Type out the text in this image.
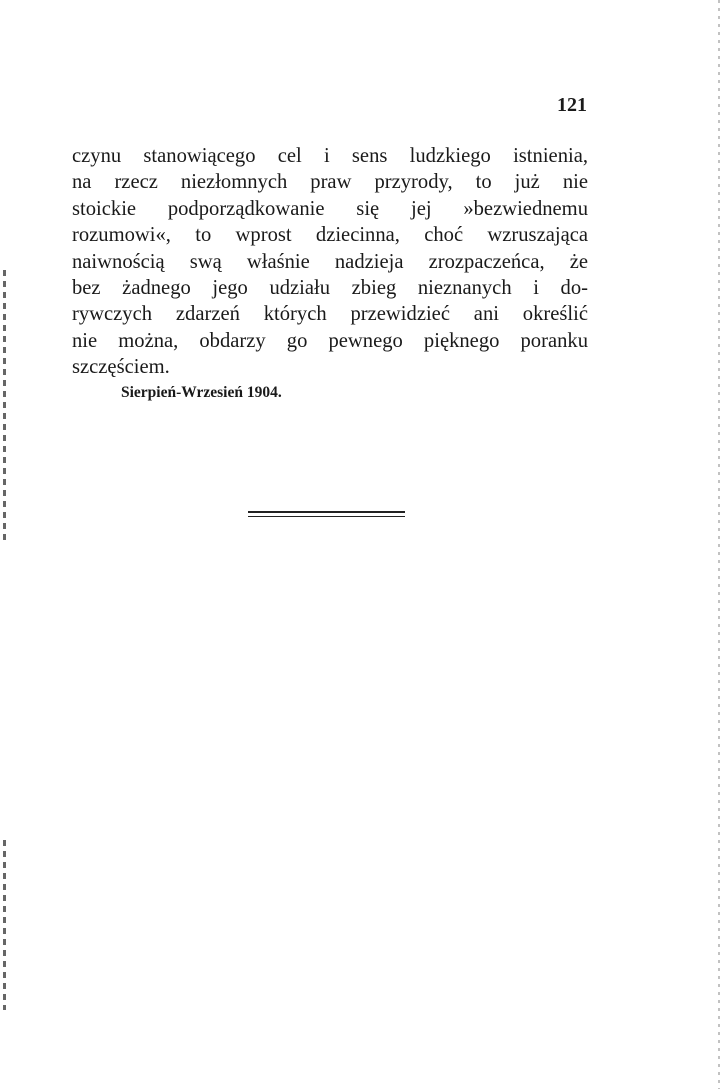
121
czynu stanowiącego cel i sens ludzkiego istnienia,
na rzecz niezłomnych praw przyrody, to już nie
stoickie podporządkowanie się jej »bezwiednemu
rozumowi«, to wprost dziecinna, choć wzruszająca
naiwnością swą właśnie nadzieja zrozpaczeńca, że
bez żadnego jego udziału zbieg nieznanych i do-
rywczych zdarzeń których przewidzieć ani określić
nie można, obdarzy go pewnego pięknego poranku
szczęściem.
Sierpień-Wrzesień 1904.
